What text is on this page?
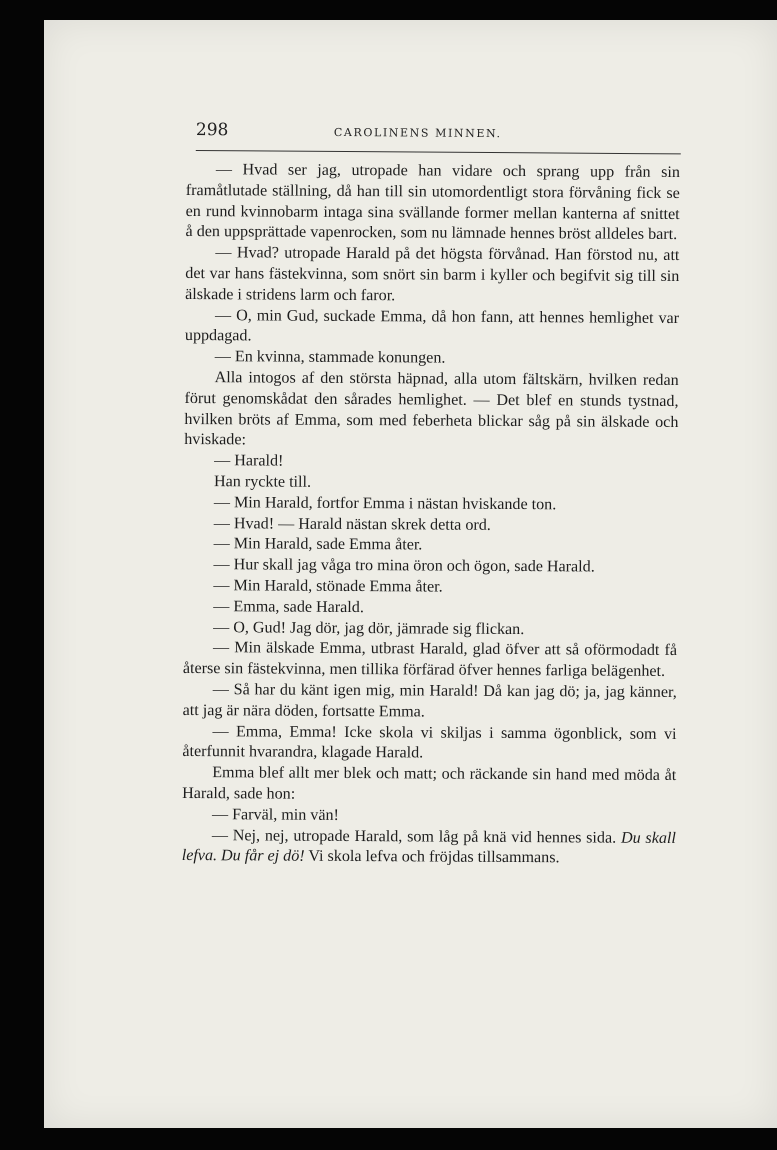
298	CAROLINENS MINNEN.

— Hvad ser jag, utropade han vidare och sprang upp från sin framåtlutade ställning, då han till sin utomordentligt stora förvåning fick se en rund kvinnobarm intaga sina svällande former mellan kanterna af snittet å den uppsprättade vapenrocken, som nu lämnade hennes bröst alldeles bart.

— Hvad? utropade Harald på det högsta förvånad. Han förstod nu, att det var hans fästekvinna, som snört sin barm i kyller och begifvit sig till sin älskade i stridens larm och faror.

— O, min Gud, suckade Emma, då hon fann, att hennes hemlighet var uppdagad.

— En kvinna, stammade konungen.

Alla intogos af den största häpnad, alla utom fältskärn, hvilken redan förut genomskådat den sårades hemlighet. — Det blef en stunds tystnad, hvilken bröts af Emma, som med feberheta blickar såg på sin älskade och hviskade:

— Harald!

Han ryckte till.

— Min Harald, fortfor Emma i nästan hviskande ton.

— Hvad! — Harald nästan skrek detta ord.

— Min Harald, sade Emma åter.

— Hur skall jag våga tro mina öron och ögon, sade Harald.

— Min Harald, stönade Emma åter.

— Emma, sade Harald.

— O, Gud! Jag dör, jag dör, jämrade sig flickan.

— Min älskade Emma, utbrast Harald, glad öfver att så oförmodadt få återse sin fästekvinna, men tillika förfärad öfver hennes farliga belägenhet.

— Så har du känt igen mig, min Harald! Då kan jag dö; ja, jag känner, att jag är nära döden, fortsatte Emma.

— Emma, Emma! Icke skola vi skiljas i samma ögonblick, som vi återfunnit hvarandra, klagade Harald.

Emma blef allt mer blek och matt; och räckande sin hand med möda åt Harald, sade hon:

— Farväl, min vän!

— Nej, nej, utropade Harald, som låg på knä vid hennes sida. Du skall lefva. Du får ej dö! Vi skola lefva och fröjdas tillsammans.
